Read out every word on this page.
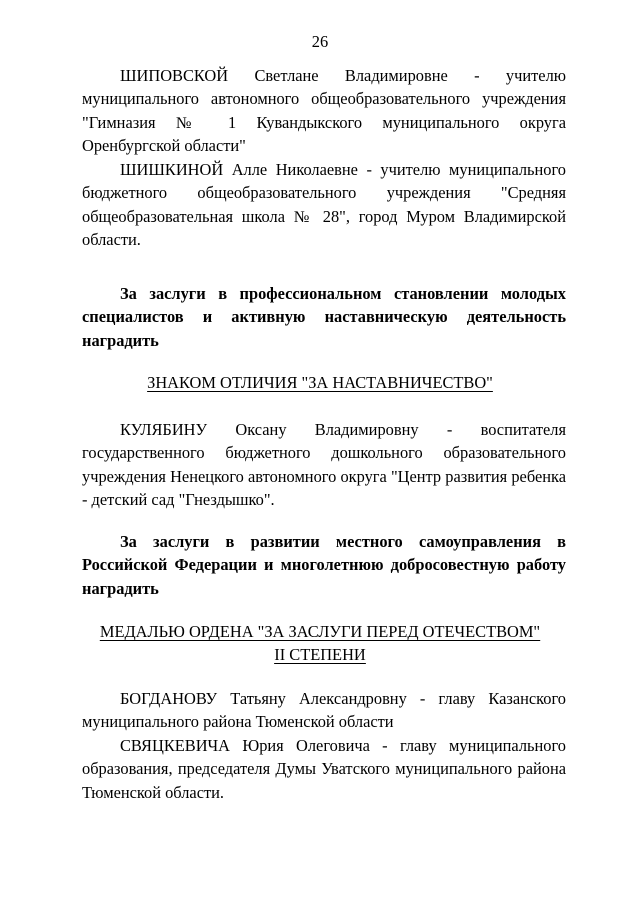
26

ШИПОВСКОЙ Светлане Владимировне - учителю муниципального автономного общеобразовательного учреждения "Гимназия № 1 Кувандыкского муниципального округа Оренбургской области"

ШИШКИНОЙ Алле Николаевне - учителю муниципального бюджетного общеобразовательного учреждения "Средняя общеобразовательная школа № 28", город Муром Владимирской области.

За заслуги в профессиональном становлении молодых специалистов и активную наставническую деятельность наградить

ЗНАКОМ ОТЛИЧИЯ "ЗА НАСТАВНИЧЕСТВО"

КУЛЯБИНУ Оксану Владимировну - воспитателя государственного бюджетного дошкольного образовательного учреждения Ненецкого автономного округа "Центр развития ребенка - детский сад "Гнездышко".

За заслуги в развитии местного самоуправления в Российской Федерации и многолетнюю добросовестную работу наградить

МЕДАЛЬЮ ОРДЕНА "ЗА ЗАСЛУГИ ПЕРЕД ОТЕЧЕСТВОМ"
II СТЕПЕНИ

БОГДАНОВУ Татьяну Александровну - главу Казанского муниципального района Тюменской области

СВЯЦКЕВИЧА Юрия Олеговича - главу муниципального образования, председателя Думы Уватского муниципального района Тюменской области.
